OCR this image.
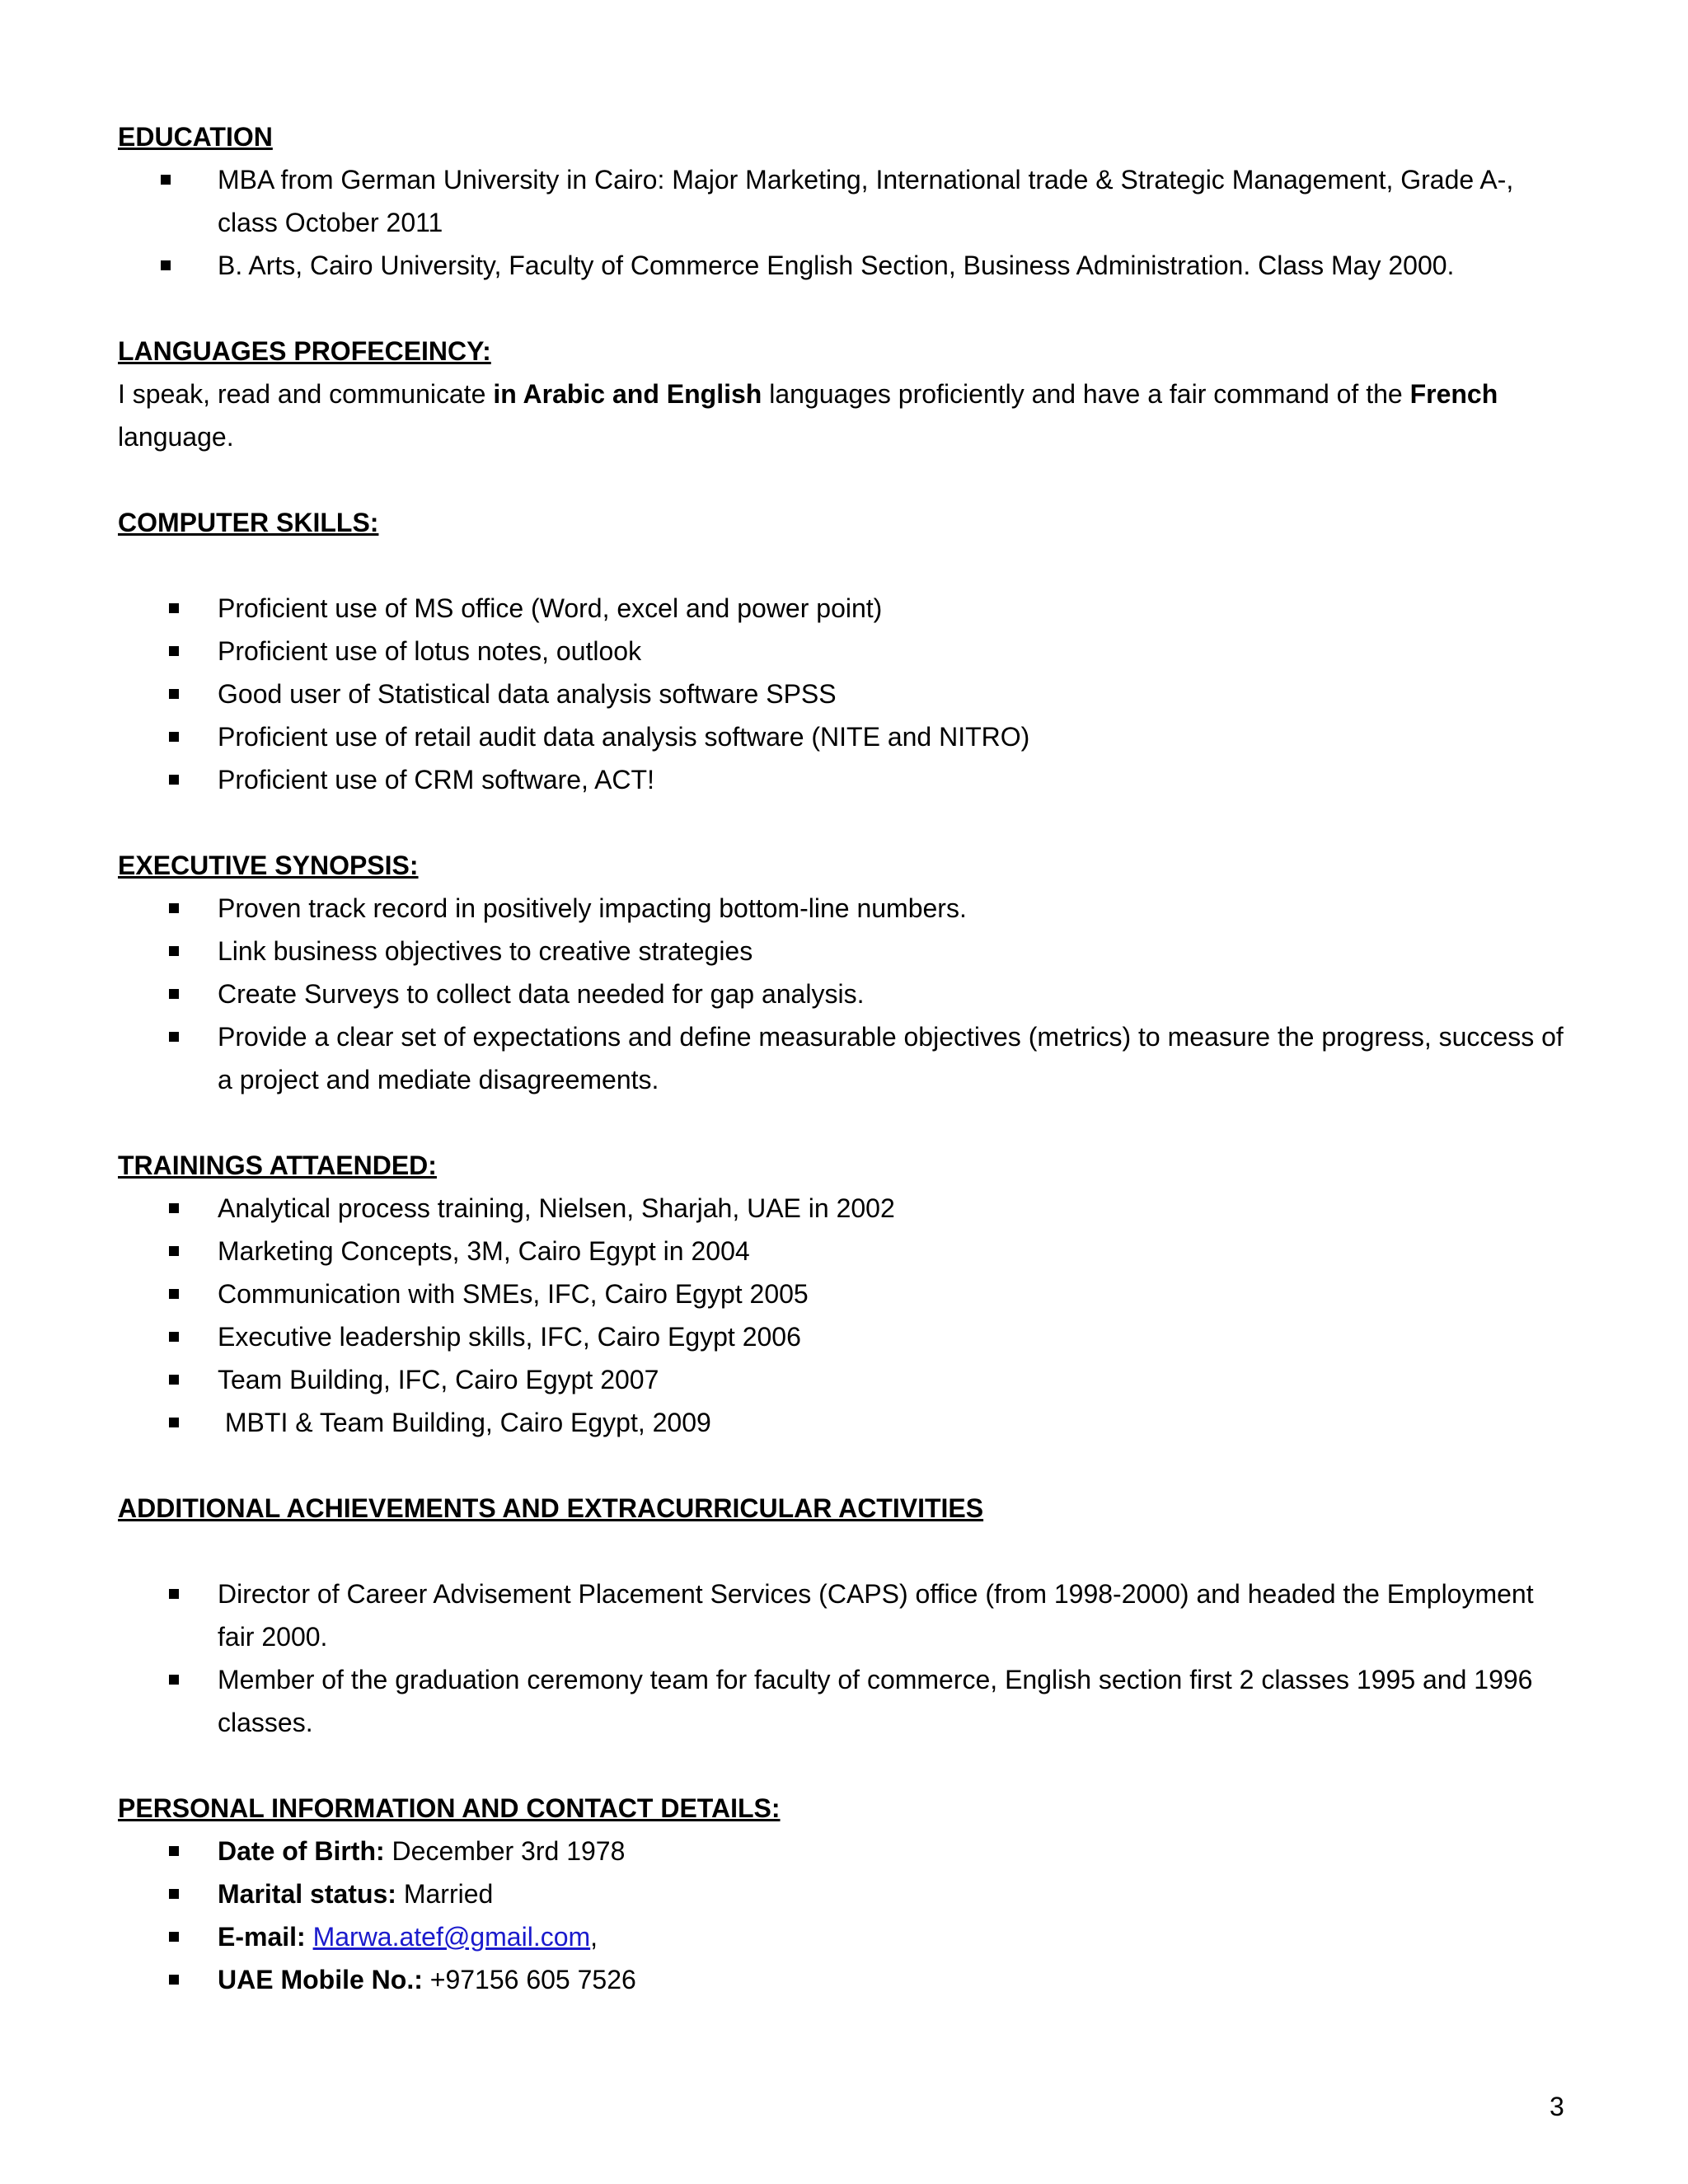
EDUCATION
MBA from German University in Cairo: Major Marketing, International trade & Strategic Management, Grade A-, class October 2011
B. Arts, Cairo University, Faculty of Commerce English Section, Business Administration. Class May 2000.
LANGUAGES PROFECEINCY:

I speak, read and communicate in Arabic and English languages proficiently and have a fair command of the French language.

COMPUTER SKILLS:
Proficient use of MS office (Word, excel and power point)
Proficient use of lotus notes, outlook
Good user of Statistical data analysis software SPSS
Proficient use of retail audit data analysis software (NITE and NITRO)
Proficient use of CRM software, ACT!
EXECUTIVE SYNOPSIS:
Proven track record in positively impacting bottom-line numbers.
Link business objectives to creative strategies
Create Surveys to collect data needed for gap analysis.
Provide a clear set of expectations and define measurable objectives (metrics) to measure the progress, success of a project and mediate disagreements.
TRAININGS ATTAENDED:
Analytical process training, Nielsen, Sharjah, UAE in 2002
Marketing Concepts, 3M, Cairo Egypt in 2004
Communication with SMEs, IFC, Cairo Egypt 2005
Executive leadership skills, IFC, Cairo Egypt 2006
Team Building, IFC, Cairo Egypt 2007
MBTI & Team Building, Cairo Egypt, 2009
ADDITIONAL ACHIEVEMENTS AND EXTRACURRICULAR ACTIVITIES
Director of Career Advisement Placement Services (CAPS) office (from 1998-2000) and headed the Employment fair 2000.
Member of the graduation ceremony team for faculty of commerce, English section first 2 classes 1995 and 1996 classes.
PERSONAL INFORMATION AND CONTACT DETAILS:
Date of Birth: December 3rd 1978
Marital status: Married
E-mail: Marwa.atef@gmail.com,
UAE Mobile No.: +97156 605 7526
3
